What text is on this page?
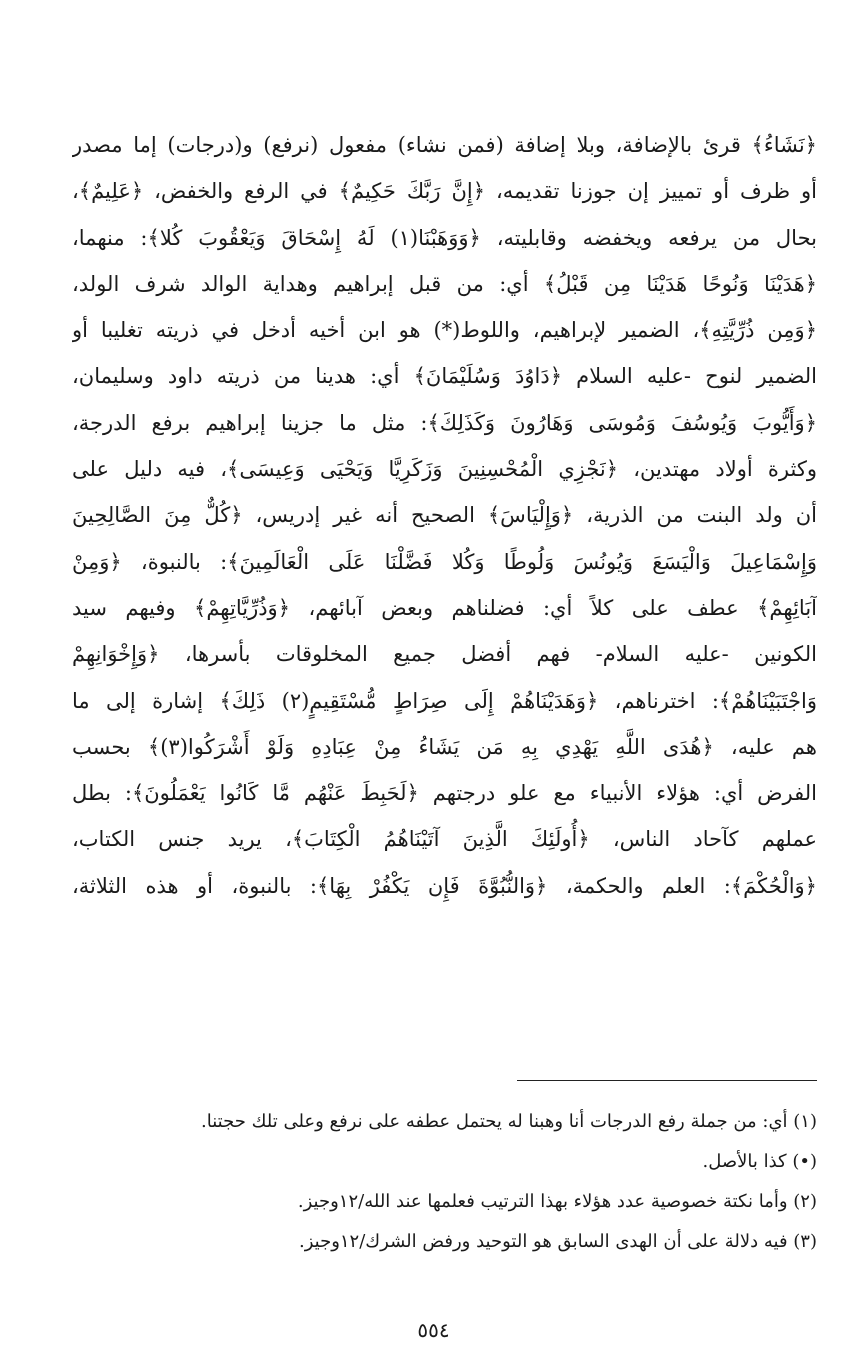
﴿نَشَاءُ﴾ قرئ بالإضافة، وبلا إضافة (فمن نشاء) مفعول (نرفع) و(درجات) إما مصدر
أو ظرف أو تمييز إن جوزنا تقديمه، ﴿إِنَّ رَبَّكَ حَكِيمٌ﴾ في الرفع والخفض، ﴿عَلِيمٌ﴾،
بحال من يرفعه ويخفضه وقابليته، ﴿وَوَهَبْنَا(١) لَهُ إِسْحَاقَ وَيَعْقُوبَ كُلا﴾: منهما،
﴿هَدَيْنَا وَنُوحًا هَدَيْنَا مِن قَبْلُ﴾ أي: من قبل إبراهيم وهداية الوالد شرف الولد،
﴿وَمِن ذُرِّيَّتِهِ﴾، الضمير لإبراهيم، واللوط(*) هو ابن أخيه أدخل في ذريته تغليبا أو
الضمير لنوح -عليه السلام ﴿دَاوُدَ وَسُلَيْمَانَ﴾ أي: هدينا من ذريته داود وسليمان،
﴿وَأَيُّوبَ وَيُوسُفَ وَمُوسَى وَهَارُونَ وَكَذَلِكَ﴾: مثل ما جزينا إبراهيم برفع الدرجة،
وكثرة أولاد مهتدين، ﴿نَجْزِي الْمُحْسِنِينَ وَزَكَرِيَّا وَيَحْيَى وَعِيسَى﴾، فيه دليل على
أن ولد البنت من الذرية، ﴿وَإِلْيَاسَ﴾ الصحيح أنه غير إدريس، ﴿كُلٌّ مِنَ الصَّالِحِينَ
وَإِسْمَاعِيلَ وَالْيَسَعَ وَيُونُسَ وَلُوطًا وَكُلا فَضَّلْنَا عَلَى الْعَالَمِينَ﴾: بالنبوة، ﴿وَمِنْ
آبَائِهِمْ﴾ عطف على كلاً أي: فضلناهم وبعض آبائهم، ﴿وَذُرِّيَّاتِهِمْ﴾ وفيهم سيد
الكونين -عليه السلام- فهم أفضل جميع المخلوقات بأسرها، ﴿وَإِخْوَانِهِمْ
وَاجْتَبَيْنَاهُمْ﴾: اخترناهم، ﴿وَهَدَيْنَاهُمْ إِلَى صِرَاطٍ مُّسْتَقِيمٍ(٢) ذَلِكَ﴾ إشارة إلى ما
هم عليه، ﴿هُدَى اللَّهِ يَهْدِي بِهِ مَن يَشَاءُ مِنْ عِبَادِهِ وَلَوْ أَشْرَكُوا(٣)﴾ بحسب
الفرض أي: هؤلاء الأنبياء مع علو درجتهم ﴿لَحَبِطَ عَنْهُم مَّا كَانُوا يَعْمَلُونَ﴾: بطل
عملهم كآحاد الناس، ﴿أُولَئِكَ الَّذِينَ آتَيْنَاهُمُ الْكِتَابَ﴾، يريد جنس الكتاب،
﴿وَالْحُكْمَ﴾: العلم والحكمة، ﴿وَالنُّبُوَّةَ فَإِن يَكْفُرْ بِهَا﴾: بالنبوة، أو هذه الثلاثة،
(١) أي: من جملة رفع الدرجات أنا وهبنا له يحتمل عطفه على نرفع وعلى تلك حجتنا.
(•) كذا بالأصل.
(٢) وأما نكتة خصوصية عدد هؤلاء بهذا الترتيب فعلمها عند الله/١٢وجيز.
(٣) فيه دلالة على أن الهدى السابق هو التوحيد ورفض الشرك/١٢وجيز.
٥٥٤
